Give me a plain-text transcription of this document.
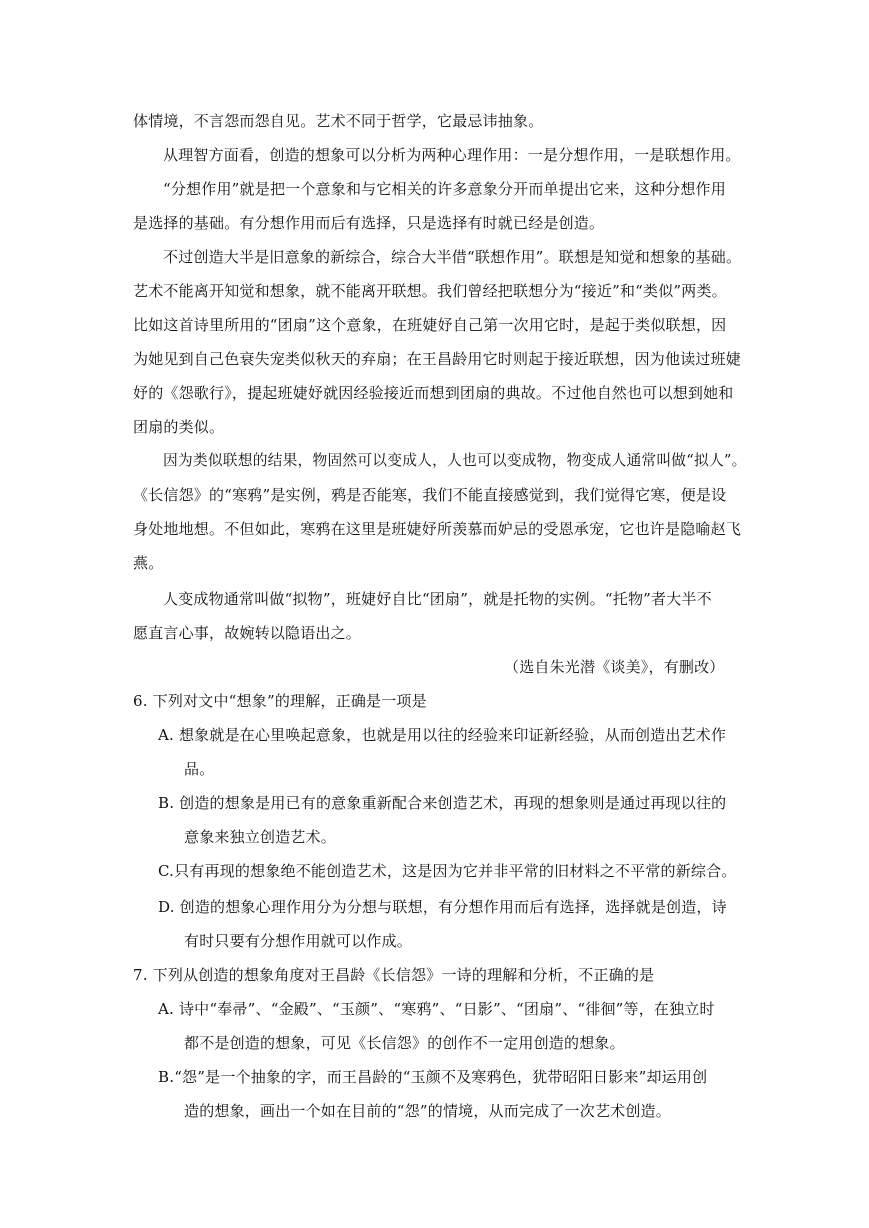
体情境，不言怨而怨自见。艺术不同于哲学，它最忌讳抽象。
从理智方面看，创造的想象可以分析为两种心理作用：一是分想作用，一是联想作用。
“分想作用”就是把一个意象和与它相关的许多意象分开而单提出它来，这种分想作用
是选择的基础。有分想作用而后有选择，只是选择有时就已经是创造。
不过创造大半是旧意象的新综合，综合大半借“联想作用”。联想是知觉和想象的基础。
艺术不能离开知觉和想象，就不能离开联想。我们曾经把联想分为“接近”和“类似”两类。
比如这首诗里所用的“团扇”这个意象，在班婕妤自己第一次用它时，是起于类似联想，因
为她见到自己色衰失宠类似秋天的弃扇；在王昌龄用它时则起于接近联想，因为他读过班婕
妤的《怨歌行》，提起班婕妤就因经验接近而想到团扇的典故。不过他自然也可以想到她和
团扇的类似。
因为类似联想的结果，物固然可以变成人，人也可以变成物，物变成人通常叫做“拟人”。
《长信怨》的“寒鸦”是实例，鸦是否能寒，我们不能直接感觉到，我们觉得它寒，便是设
身处地地想。不但如此，寒鸦在这里是班婕妤所羡慕而妒忌的受恩承宠，它也许是隐喻赵飞
燕。
人变成物通常叫做“拟物”，班婕妤自比“团扇”，就是托物的实例。“托物”者大半不
愿直言心事，故婉转以隐语出之。
（选自朱光潜《谈美》，有删改）
6. 下列对文中“想象”的理解，正确是一项是
A. 想象就是在心里唤起意象，也就是用以往的经验来印证新经验，从而创造出艺术作
品。
B. 创造的想象是用已有的意象重新配合来创造艺术，再现的想象则是通过再现以往的
意象来独立创造艺术。
C.只有再现的想象绝不能创造艺术，这是因为它并非平常的旧材料之不平常的新综合。
D. 创造的想象心理作用分为分想与联想，有分想作用而后有选择，选择就是创造，诗
有时只要有分想作用就可以作成。
7. 下列从创造的想象角度对王昌龄《长信怨》一诗的理解和分析，不正确的是
A. 诗中“奉帚”、“金殿”、“玉颜”、“寒鸦”、“日影”、“团扇”、“徘徊”等，在独立时
都不是创造的想象，可见《长信怨》的创作不一定用创造的想象。
B.“怨”是一个抽象的字，而王昌龄的“玉颜不及寒鸦色，犹带昭阳日影来”却运用创
造的想象，画出一个如在目前的“怨”的情境，从而完成了一次艺术创造。
